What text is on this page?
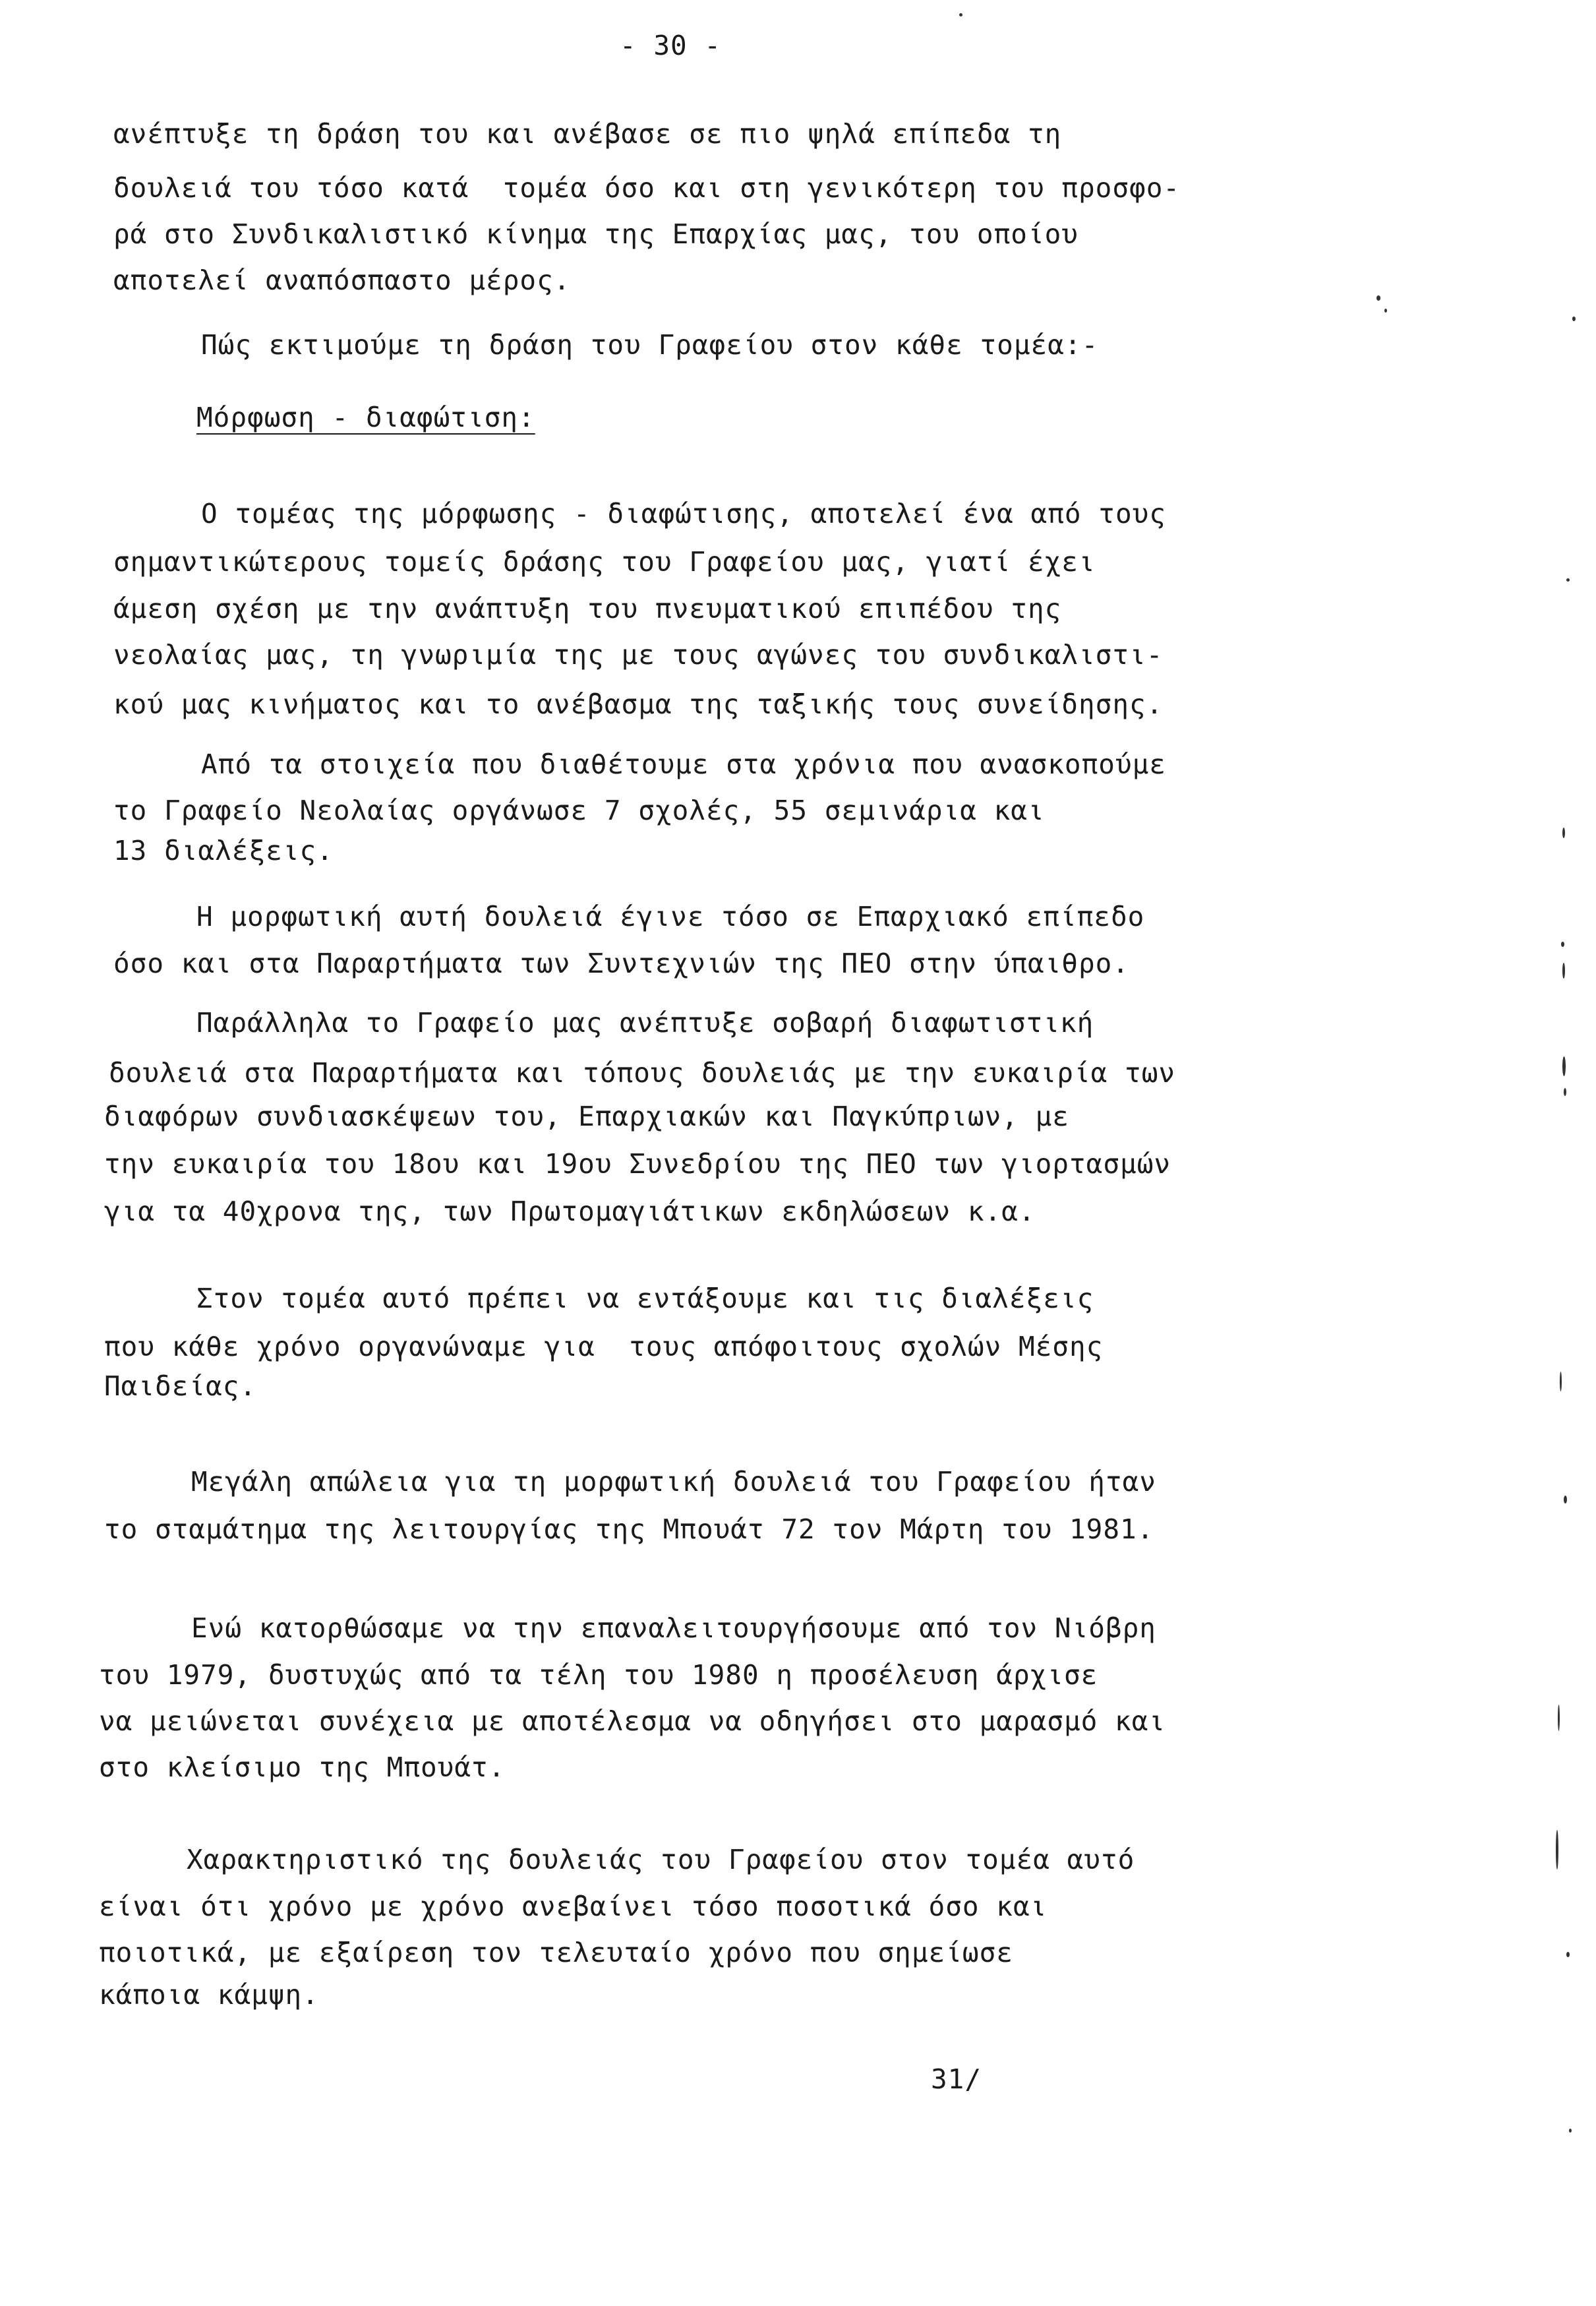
- 30 -
ανέπτυξε τη δράση του και ανέβασε σε πιο ψηλά επίπεδα τη
δουλειά του τόσο κατά  τομέα όσο και στη γενικότερη του προσφο-
ρά στο Συνδικαλιστικό κίνημα της Επαρχίας μας, του οποίου
αποτελεί αναπόσπαστο μέρος.
Πώς εκτιμούμε τη δράση του Γραφείου στον κάθε τομέα:-
Μόρφωση - διαφώτιση:
Ο τομέας της μόρφωσης - διαφώτισης, αποτελεί ένα από τους
σημαντικώτερους τομείς δράσης του Γραφείου μας, γιατί έχει
άμεση σχέση με την ανάπτυξη του πνευματικού επιπέδου της
νεολαίας μας, τη γνωριμία της με τους αγώνες του συνδικαλιστι-
κού μας κινήματος και το ανέβασμα της ταξικής τους συνείδησης.
Από τα στοιχεία που διαθέτουμε στα χρόνια που ανασκοπούμε
το Γραφείο Νεολαίας οργάνωσε 7 σχολές, 55 σεμινάρια και
13 διαλέξεις.
Η μορφωτική αυτή δουλειά έγινε τόσο σε Επαρχιακό επίπεδο
όσο και στα Παραρτήματα των Συντεχνιών της ΠΕΟ στην ύπαιθρο.
Παράλληλα το Γραφείο μας ανέπτυξε σοβαρή διαφωτιστική
δουλειά στα Παραρτήματα και τόπους δουλειάς με την ευκαιρία των
διαφόρων συνδιασκέψεων του, Επαρχιακών και Παγκύπριων, με
την ευκαιρία του 18ου και 19ου Συνεδρίου της ΠΕΟ των γιορτασμών
για τα 40χρονα της, των Πρωτομαγιάτικων εκδηλώσεων κ.α.
Στον τομέα αυτό πρέπει να εντάξουμε και τις διαλέξεις
που κάθε χρόνο οργανώναμε για  τους απόφοιτους σχολών Μέσης
Παιδείας.
Μεγάλη απώλεια για τη μορφωτική δουλειά του Γραφείου ήταν
το σταμάτημα της λειτουργίας της Μπουάτ 72 τον Μάρτη του 1981.
Ενώ κατορθώσαμε να την επαναλειτουργήσουμε από τον Νιόβρη
του 1979, δυστυχώς από τα τέλη του 1980 η προσέλευση άρχισε
να μειώνεται συνέχεια με αποτέλεσμα να οδηγήσει στο μαρασμό και
στο κλείσιμο της Μπουάτ.
Χαρακτηριστικό της δουλειάς του Γραφείου στον τομέα αυτό
είναι ότι χρόνο με χρόνο ανεβαίνει τόσο ποσοτικά όσο και
ποιοτικά, με εξαίρεση τον τελευταίο χρόνο που σημείωσε
κάποια κάμψη.
31/
